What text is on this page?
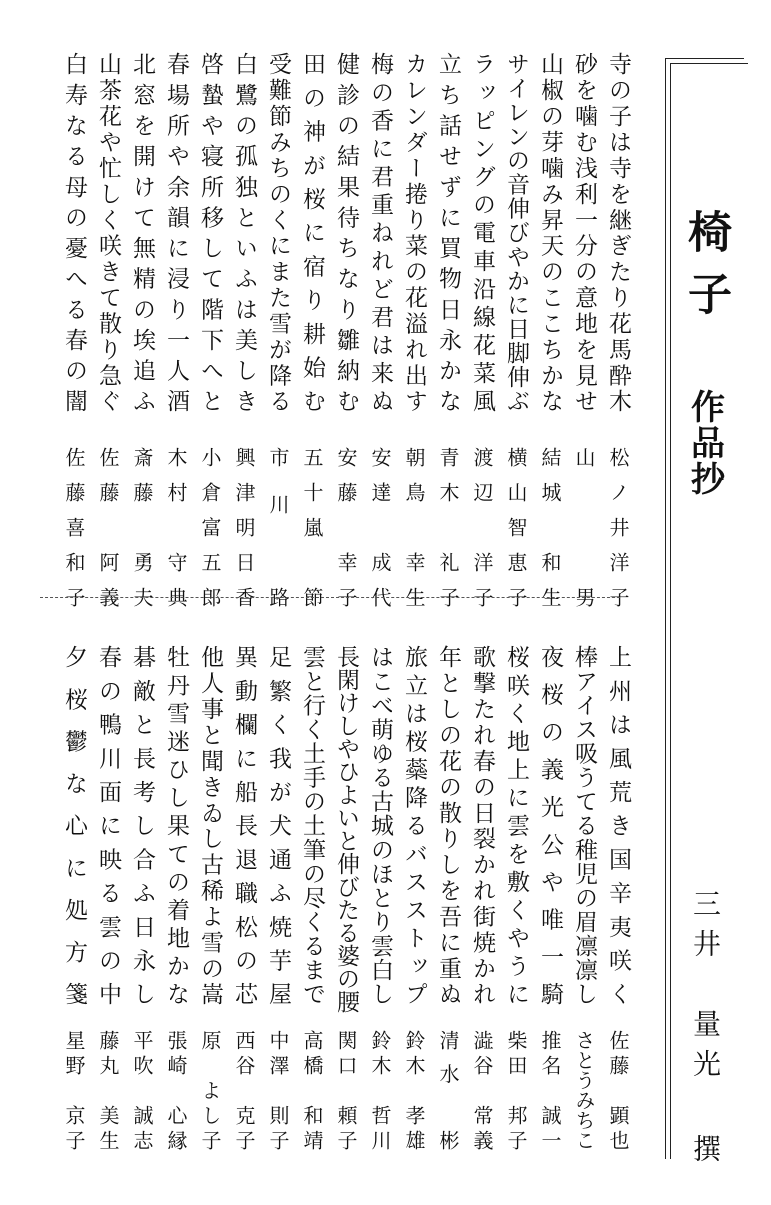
椅子
作品抄
三井　量光
撰
寺の子は寺を継ぎたり花馬酔木
松ノ井洋子
砂を噛む浅利一分の意地を見せ
山　男
山椒の芽噛み昇天のここちかな
結城　和生
サイレンの音伸びやかに日脚伸ぶ
横山智恵子
ラッピングの電車沿線花菜風
渡辺　洋子
立ち話せずに買物日永かな
青木　礼子
カレンダー捲り菜の花溢れ出す
朝鳥　幸生
梅の香に君重ねれど君は来ぬ
安達　成代
健診の結果待ちなり雛納む
安藤　幸子
田の神が桜に宿り耕始む
五十嵐　節
受難節みちのくにまた雪が降る
市川　路
白鷺の孤独といふは美しき
興津明日香
啓蟄や寝所移して階下へと
小倉富五郎
春場所や余韻に浸り一人酒
木村　守典
北窓を開けて無精の埃追ふ
斎藤　勇夫
山茶花や忙しく咲きて散り急ぐ
佐藤　阿義
白寿なる母の憂へる春の闇
佐藤喜和子
上州は風荒き国辛夷咲く
佐藤　顕也
棒アイス吸うてる稚児の眉凛凛し
さとうみちこ
夜桜の義光公や唯一騎
推名　誠一
桜咲く地上に雲を敷くやうに
柴田　邦子
歌撃たれ春の日裂かれ街焼かれ
澁谷　常義
年としの花の散りしを吾に重ぬ
清水　彬
旅立は桜蘂降るバスストップ
鈴木　孝雄
はこべ萌ゆる古城のほとり雲白し
鈴木　哲川
長閑けしやひよいと伸びたる婆の腰
関口　頼子
雲と行く土手の土筆の尽くるまで
高橋　和靖
足繁く我が犬通ふ焼芋屋
中澤　則子
異動欄に船長退職松の芯
西谷　克子
他人事と聞きゐし古稀よ雪の嵩
原　よし子
牡丹雪迷ひし果ての着地かな
張崎　心縁
碁敵と長考し合ふ日永し
平吹　誠志
春の鴨川面に映る雲の中
藤丸　美生
夕桜鬱な心に処方箋
星野　京子
